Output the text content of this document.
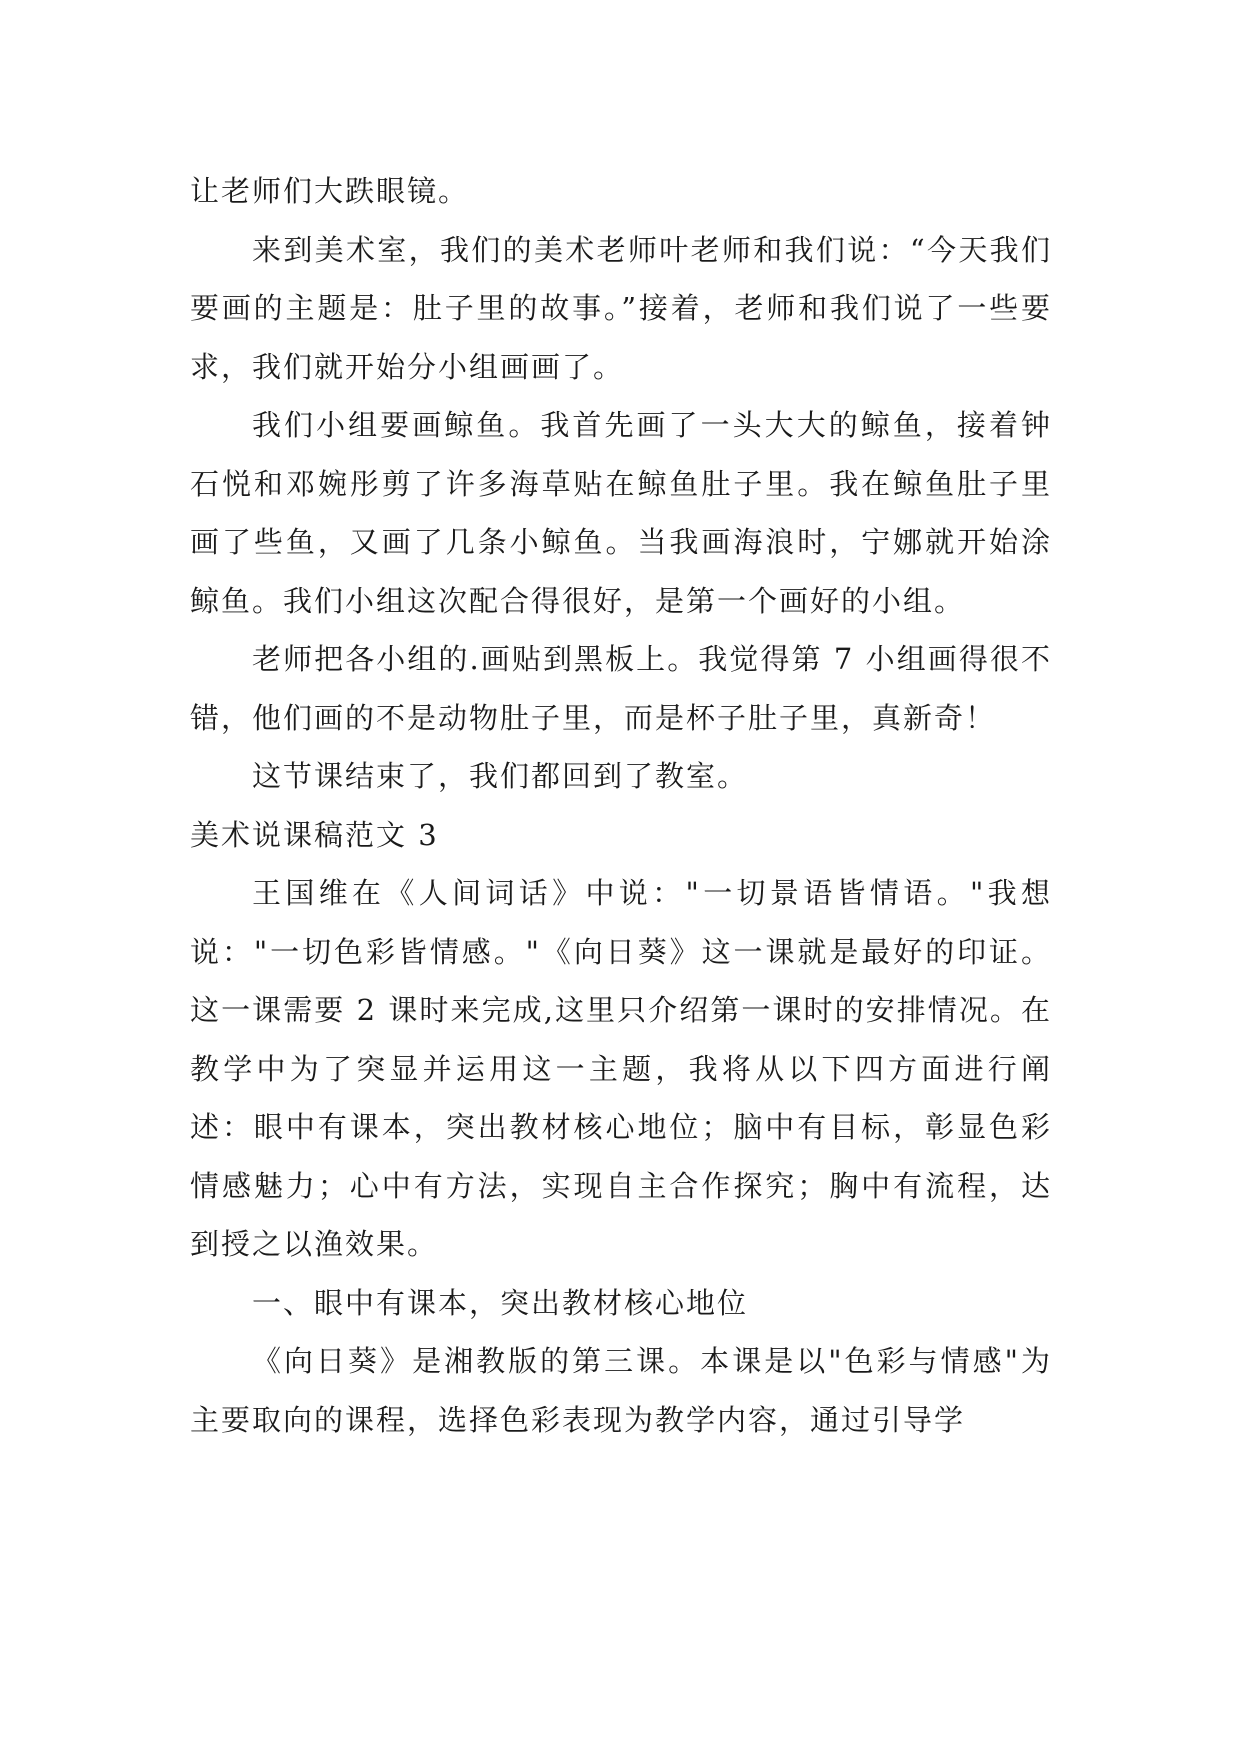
让老师们大跌眼镜。

来到美术室，我们的美术老师叶老师和我们说：“今天我们要画的主题是：肚子里的故事。”接着，老师和我们说了一些要求，我们就开始分小组画画了。

我们小组要画鲸鱼。我首先画了一头大大的鲸鱼，接着钟石悦和邓婉彤剪了许多海草贴在鲸鱼肚子里。我在鲸鱼肚子里画了些鱼，又画了几条小鲸鱼。当我画海浪时，宁娜就开始涂鲸鱼。我们小组这次配合得很好，是第一个画好的小组。

老师把各小组的.画贴到黑板上。我觉得第 7 小组画得很不错，他们画的不是动物肚子里，而是杯子肚子里，真新奇！

这节课结束了，我们都回到了教室。

美术说课稿范文 3

王国维在《人间词话》中说："一切景语皆情语。"我想说："一切色彩皆情感。"《向日葵》这一课就是最好的印证。这一课需要 2 课时来完成,这里只介绍第一课时的安排情况。在教学中为了突显并运用这一主题，我将从以下四方面进行阐述：眼中有课本，突出教材核心地位；脑中有目标，彰显色彩情感魅力；心中有方法，实现自主合作探究；胸中有流程，达到授之以渔效果。

一、眼中有课本，突出教材核心地位

《向日葵》是湘教版的第三课。本课是以"色彩与情感"为主要取向的课程，选择色彩表现为教学内容，通过引导学
